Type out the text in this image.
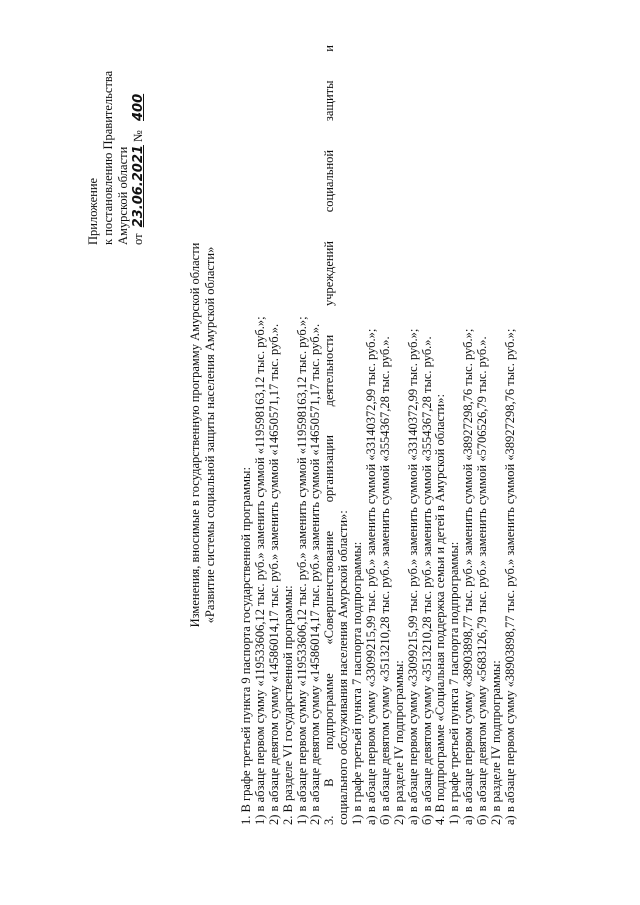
Приложение к постановлению Правительства Амурской области от 23.06.2021№ 400
Изменения, вносимые в государственную программу Амурской области «Развитие системы социальной защиты населения Амурской области»
1. В графе третьей пункта 9 паспорта государственной программы: 1) в абзаце первом сумму «119533606,12 тыс. руб.» заменить суммой «119598163,12 тыс. руб.»; 2) в абзаце девятом сумму «14586014,17 тыс. руб.» заменить суммой «14650571,17 тыс. руб.». 2. В разделе VI государственной программы: 1) в абзаце первом сумму «119533606,12 тыс. руб.» заменить суммой «119598163,12 тыс. руб.»; 2) в абзаце девятом сумму «14586014,17 тыс. руб.» заменить суммой «14650571,17 тыс. руб.». 3. В подпрограмме «Совершенствование организации деятельности учреждений социальной защиты и социального обслуживания населения Амурской области»: 1) в графе третьей пункта 7 паспорта подпрограммы: а) в абзаце первом сумму «33099215,99 тыс. руб.» заменить суммой «33140372,99 тыс. руб.»; б) в абзаце девятом сумму «3513210,28 тыс. руб.» заменить суммой «3554367,28 тыс. руб.». 2) в разделе IV подпрограммы: а) в абзаце первом сумму «33099215,99 тыс. руб.» заменить суммой «33140372,99 тыс. руб.»; б) в абзаце девятом сумму «3513210,28 тыс. руб.» заменить суммой «3554367,28 тыс. руб.». 4. В подпрограмме «Социальная поддержка семьи и детей в Амурской области»: 1) в графе третьей пункта 7 паспорта подпрограммы: а) в абзаце первом сумму «38903898,77 тыс. руб.» заменить суммой «38927298,76 тыс. руб.»; б) в абзаце девятом сумму «5683126,79 тыс. руб.» заменить суммой «5706526,79 тыс. руб.». 2) в разделе IV подпрограммы: а) в абзаце первом сумму «38903898,77 тыс. руб.» заменить суммой «38927298,76 тыс. руб.»;
